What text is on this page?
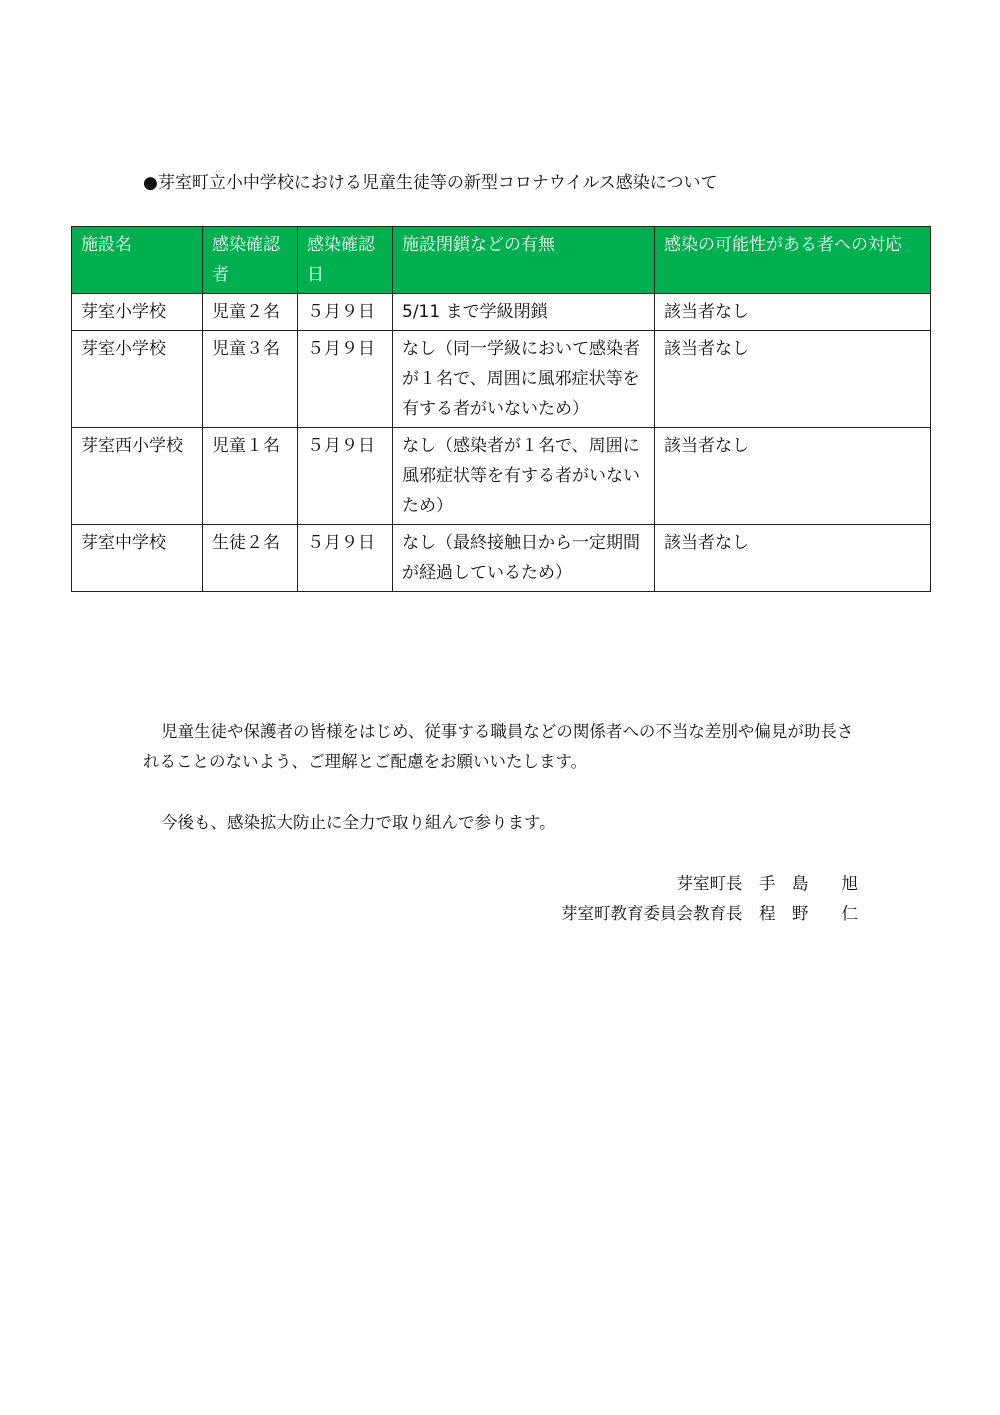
●芽室町立小中学校における児童生徒等の新型コロナウイルス感染について
施設名	感染確認者	感染確認日	施設閉鎖などの有無	感染の可能性がある者への対応
芽室小学校	児童２名	５月９日	5/11 まで学級閉鎖	該当者なし
芽室小学校	児童３名	５月９日	なし（同一学級において感染者が１名で、周囲に風邪症状等を有する者がいないため）	該当者なし
芽室西小学校	児童１名	５月９日	なし（感染者が１名で、周囲に風邪症状等を有する者がいないため）	該当者なし
芽室中学校	生徒２名	５月９日	なし（最終接触日から一定期間が経過しているため）	該当者なし

児童生徒や保護者の皆様をはじめ、従事する職員などの関係者への不当な差別や偏見が助長されることのないよう、ご理解とご配慮をお願いいたします。

今後も、感染拡大防止に全力で取り組んで参ります。

芽室町長　手　島　　旭
芽室町教育委員会教育長　程　野　　仁
